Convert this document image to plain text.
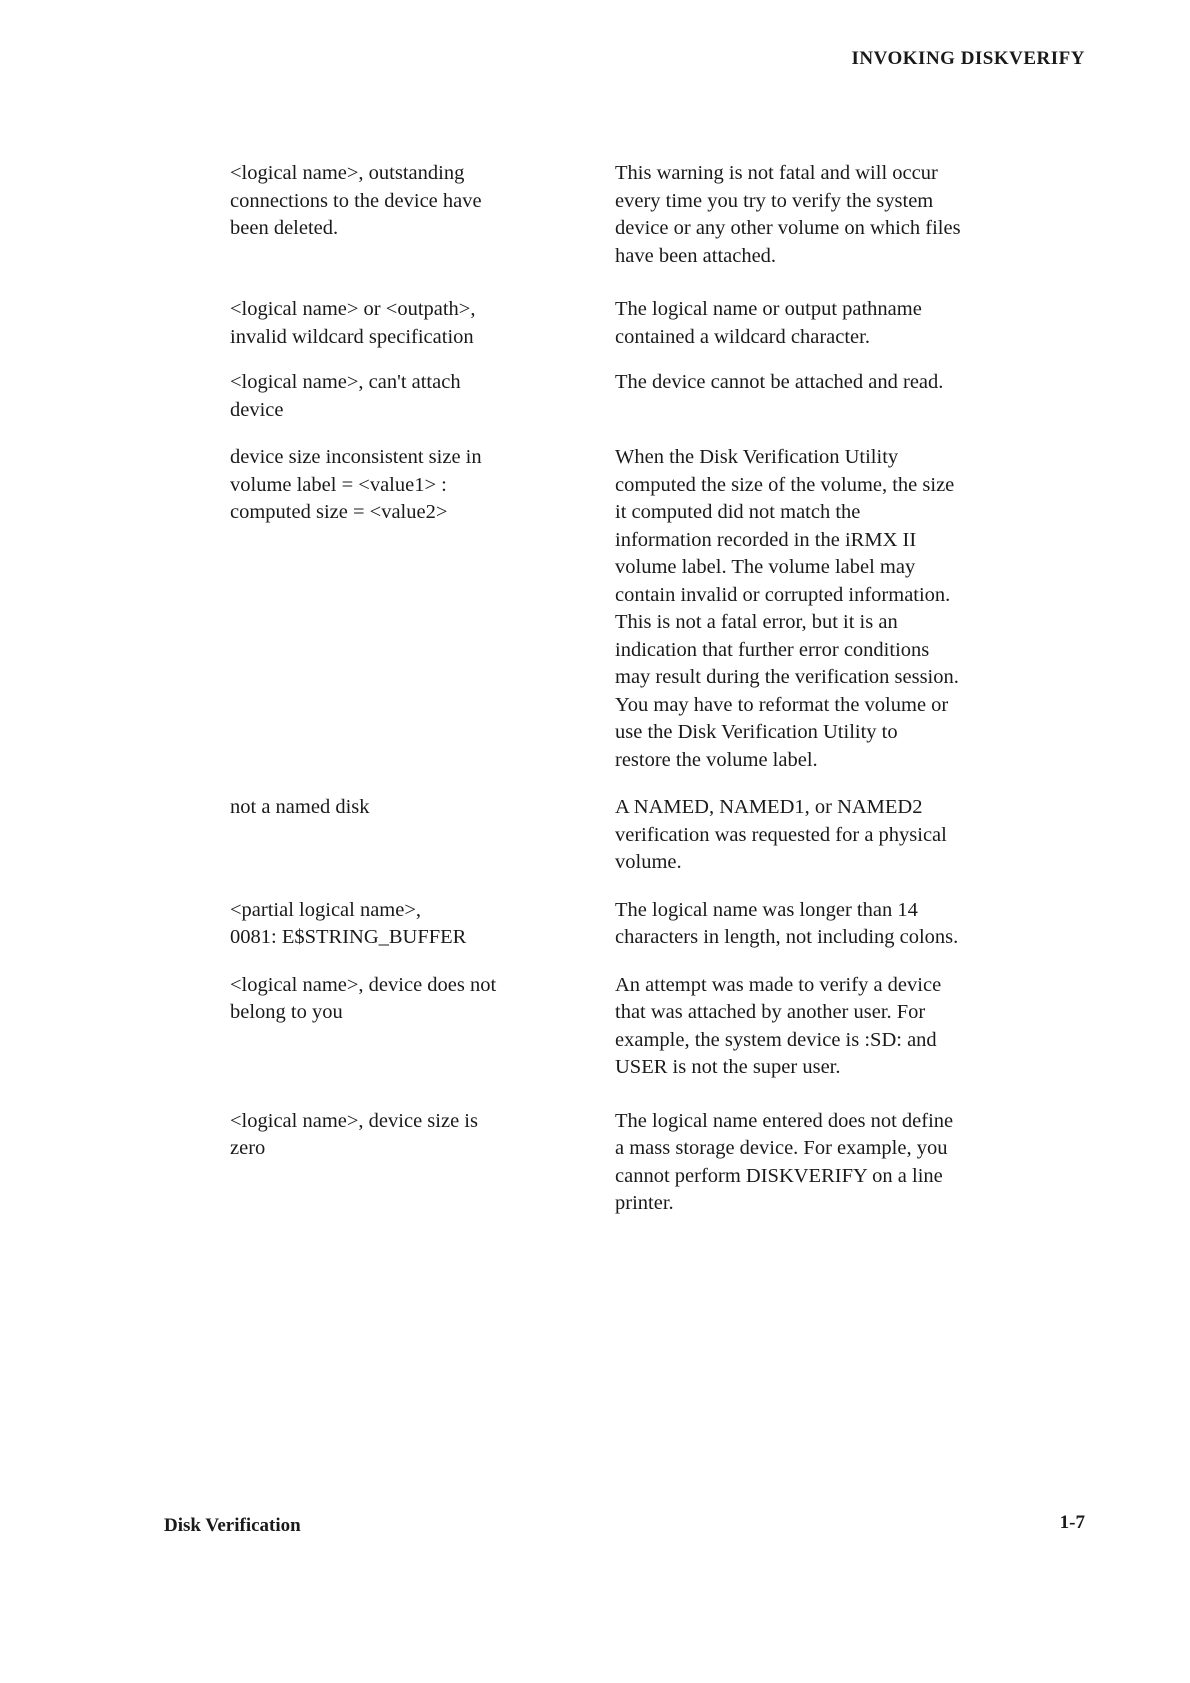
INVOKING DISKVERIFY
<logical name>, outstanding
connections to the device have
been deleted.
This warning is not fatal and will occur
every time you try to verify the system
device or any other volume on which files
have been attached.
<logical name> or <outpath>,
invalid wildcard specification
The logical name or output pathname
contained a wildcard character.
<logical name>, can't attach
device
The device cannot be attached and read.
device size inconsistent size in
volume label = <value1> :
computed size = <value2>
When the Disk Verification Utility
computed the size of the volume, the size
it computed did not match the
information recorded in the iRMX II
volume label. The volume label may
contain invalid or corrupted information.
This is not a fatal error, but it is an
indication that further error conditions
may result during the verification session.
You may have to reformat the volume or
use the Disk Verification Utility to
restore the volume label.
not a named disk	A NAMED, NAMED1, or NAMED2
verification was requested for a physical
volume.
<partial logical name>,
0081: E$STRING_BUFFER
The logical name was longer than 14
characters in length, not including colons.
<logical name>, device does not
belong to you
An attempt was made to verify a device
that was attached by another user. For
example, the system device is :SD: and
USER is not the super user.
<logical name>, device size is
zero
The logical name entered does not define
a mass storage device. For example, you
cannot perform DISKVERIFY on a line
printer.
Disk Verification	1-7
